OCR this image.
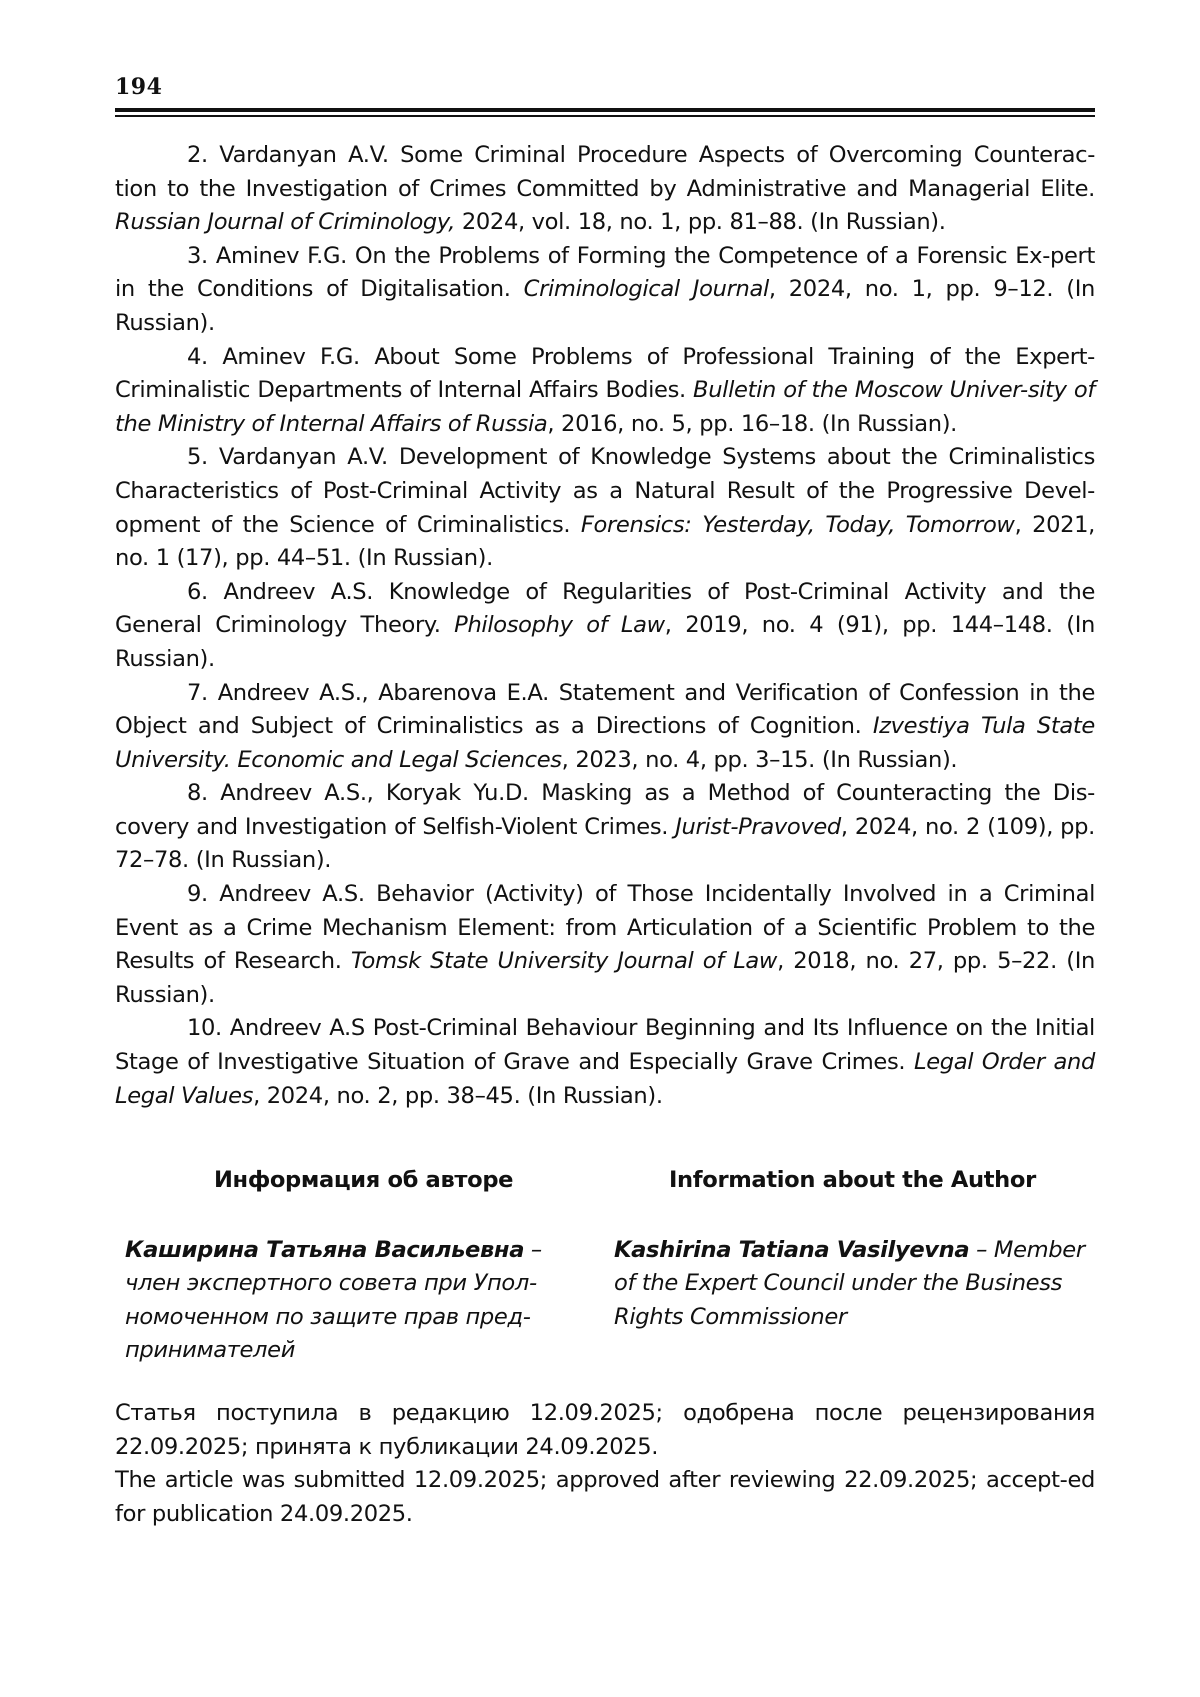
194

2. Vardanyan A.V. Some Criminal Procedure Aspects of Overcoming Counterac-tion to the Investigation of Crimes Committed by Administrative and Managerial Elite. Russian Journal of Criminology, 2024, vol. 18, no. 1, pp. 81–88. (In Russian).

3. Aminev F.G. On the Problems of Forming the Competence of a Forensic Ex-pert in the Conditions of Digitalisation. Criminological Journal, 2024, no. 1, pp. 9–12. (In Russian).

4. Aminev F.G. About Some Problems of Professional Training of the Expert-Criminalistic Departments of Internal Affairs Bodies. Bulletin of the Moscow Univer-sity of the Ministry of Internal Affairs of Russia, 2016, no. 5, pp. 16–18. (In Russian).

5. Vardanyan A.V. Development of Knowledge Systems about the Criminalistics Characteristics of Post-Criminal Activity as a Natural Result of the Progressive Devel-opment of the Science of Criminalistics. Forensics: Yesterday, Today, Tomorrow, 2021, no. 1 (17), pp. 44–51. (In Russian).

6. Andreev A.S. Knowledge of Regularities of Post-Criminal Activity and the General Criminology Theory. Philosophy of Law, 2019, no. 4 (91), pp. 144–148. (In Russian).

7. Andreev A.S., Abarenova E.A. Statement and Verification of Confession in the Object and Subject of Criminalistics as a Directions of Cognition. Izvestiya Tula State University. Economic and Legal Sciences, 2023, no. 4, pp. 3–15. (In Russian).

8. Andreev A.S., Koryak Yu.D. Masking as a Method of Counteracting the Dis-covery and Investigation of Selfish-Violent Crimes. Jurist-Pravoved, 2024, no. 2 (109), pp. 72–78. (In Russian).

9. Andreev A.S. Behavior (Activity) of Those Incidentally Involved in a Criminal Event as a Crime Mechanism Element: from Articulation of a Scientific Problem to the Results of Research. Tomsk State University Journal of Law, 2018, no. 27, pp. 5–22. (In Russian).

10. Andreev A.S Post-Criminal Behaviour Beginning and Its Influence on the Initial Stage of Investigative Situation of Grave and Especially Grave Crimes. Legal Order and Legal Values, 2024, no. 2, pp. 38–45. (In Russian).

Информация об авторе

Каширина Татьяна Васильевна – член экспертного совета при Упол-номоченном по защите прав пред-принимателей

Information about the Author

Kashirina Tatiana Vasilyevna – Member of the Expert Council under the Business Rights Commissioner

Статья поступила в редакцию 12.09.2025; одобрена после рецензирования 22.09.2025; принята к публикации 24.09.2025.

The article was submitted 12.09.2025; approved after reviewing 22.09.2025; accept-ed for publication 24.09.2025.
